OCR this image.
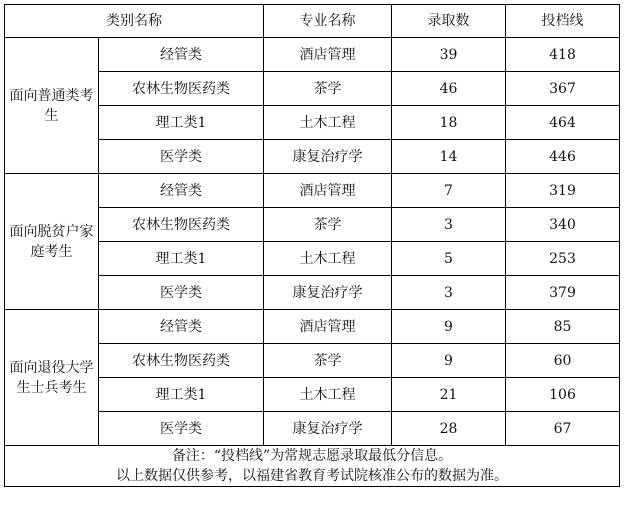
类别名称		专业名称	录取数	投档线
面向普通类考生	经管类	酒店管理	39	418
	农林生物医药类	茶学	46	367
	理工类1	土木工程	18	464
	医学类	康复治疗学	14	446
面向脱贫户家庭考生	经管类	酒店管理	7	319
	农林生物医药类	茶学	3	340
	理工类1	土木工程	5	253
	医学类	康复治疗学	3	379
面向退役大学生士兵考生	经管类	酒店管理	9	85
	农林生物医药类	茶学	9	60
	理工类1	土木工程	21	106
	医学类	康复治疗学	28	67

备注：“投档线”为常规志愿录取最低分信息。
以上数据仅供参考，以福建省教育考试院核准公布的数据为准。				
